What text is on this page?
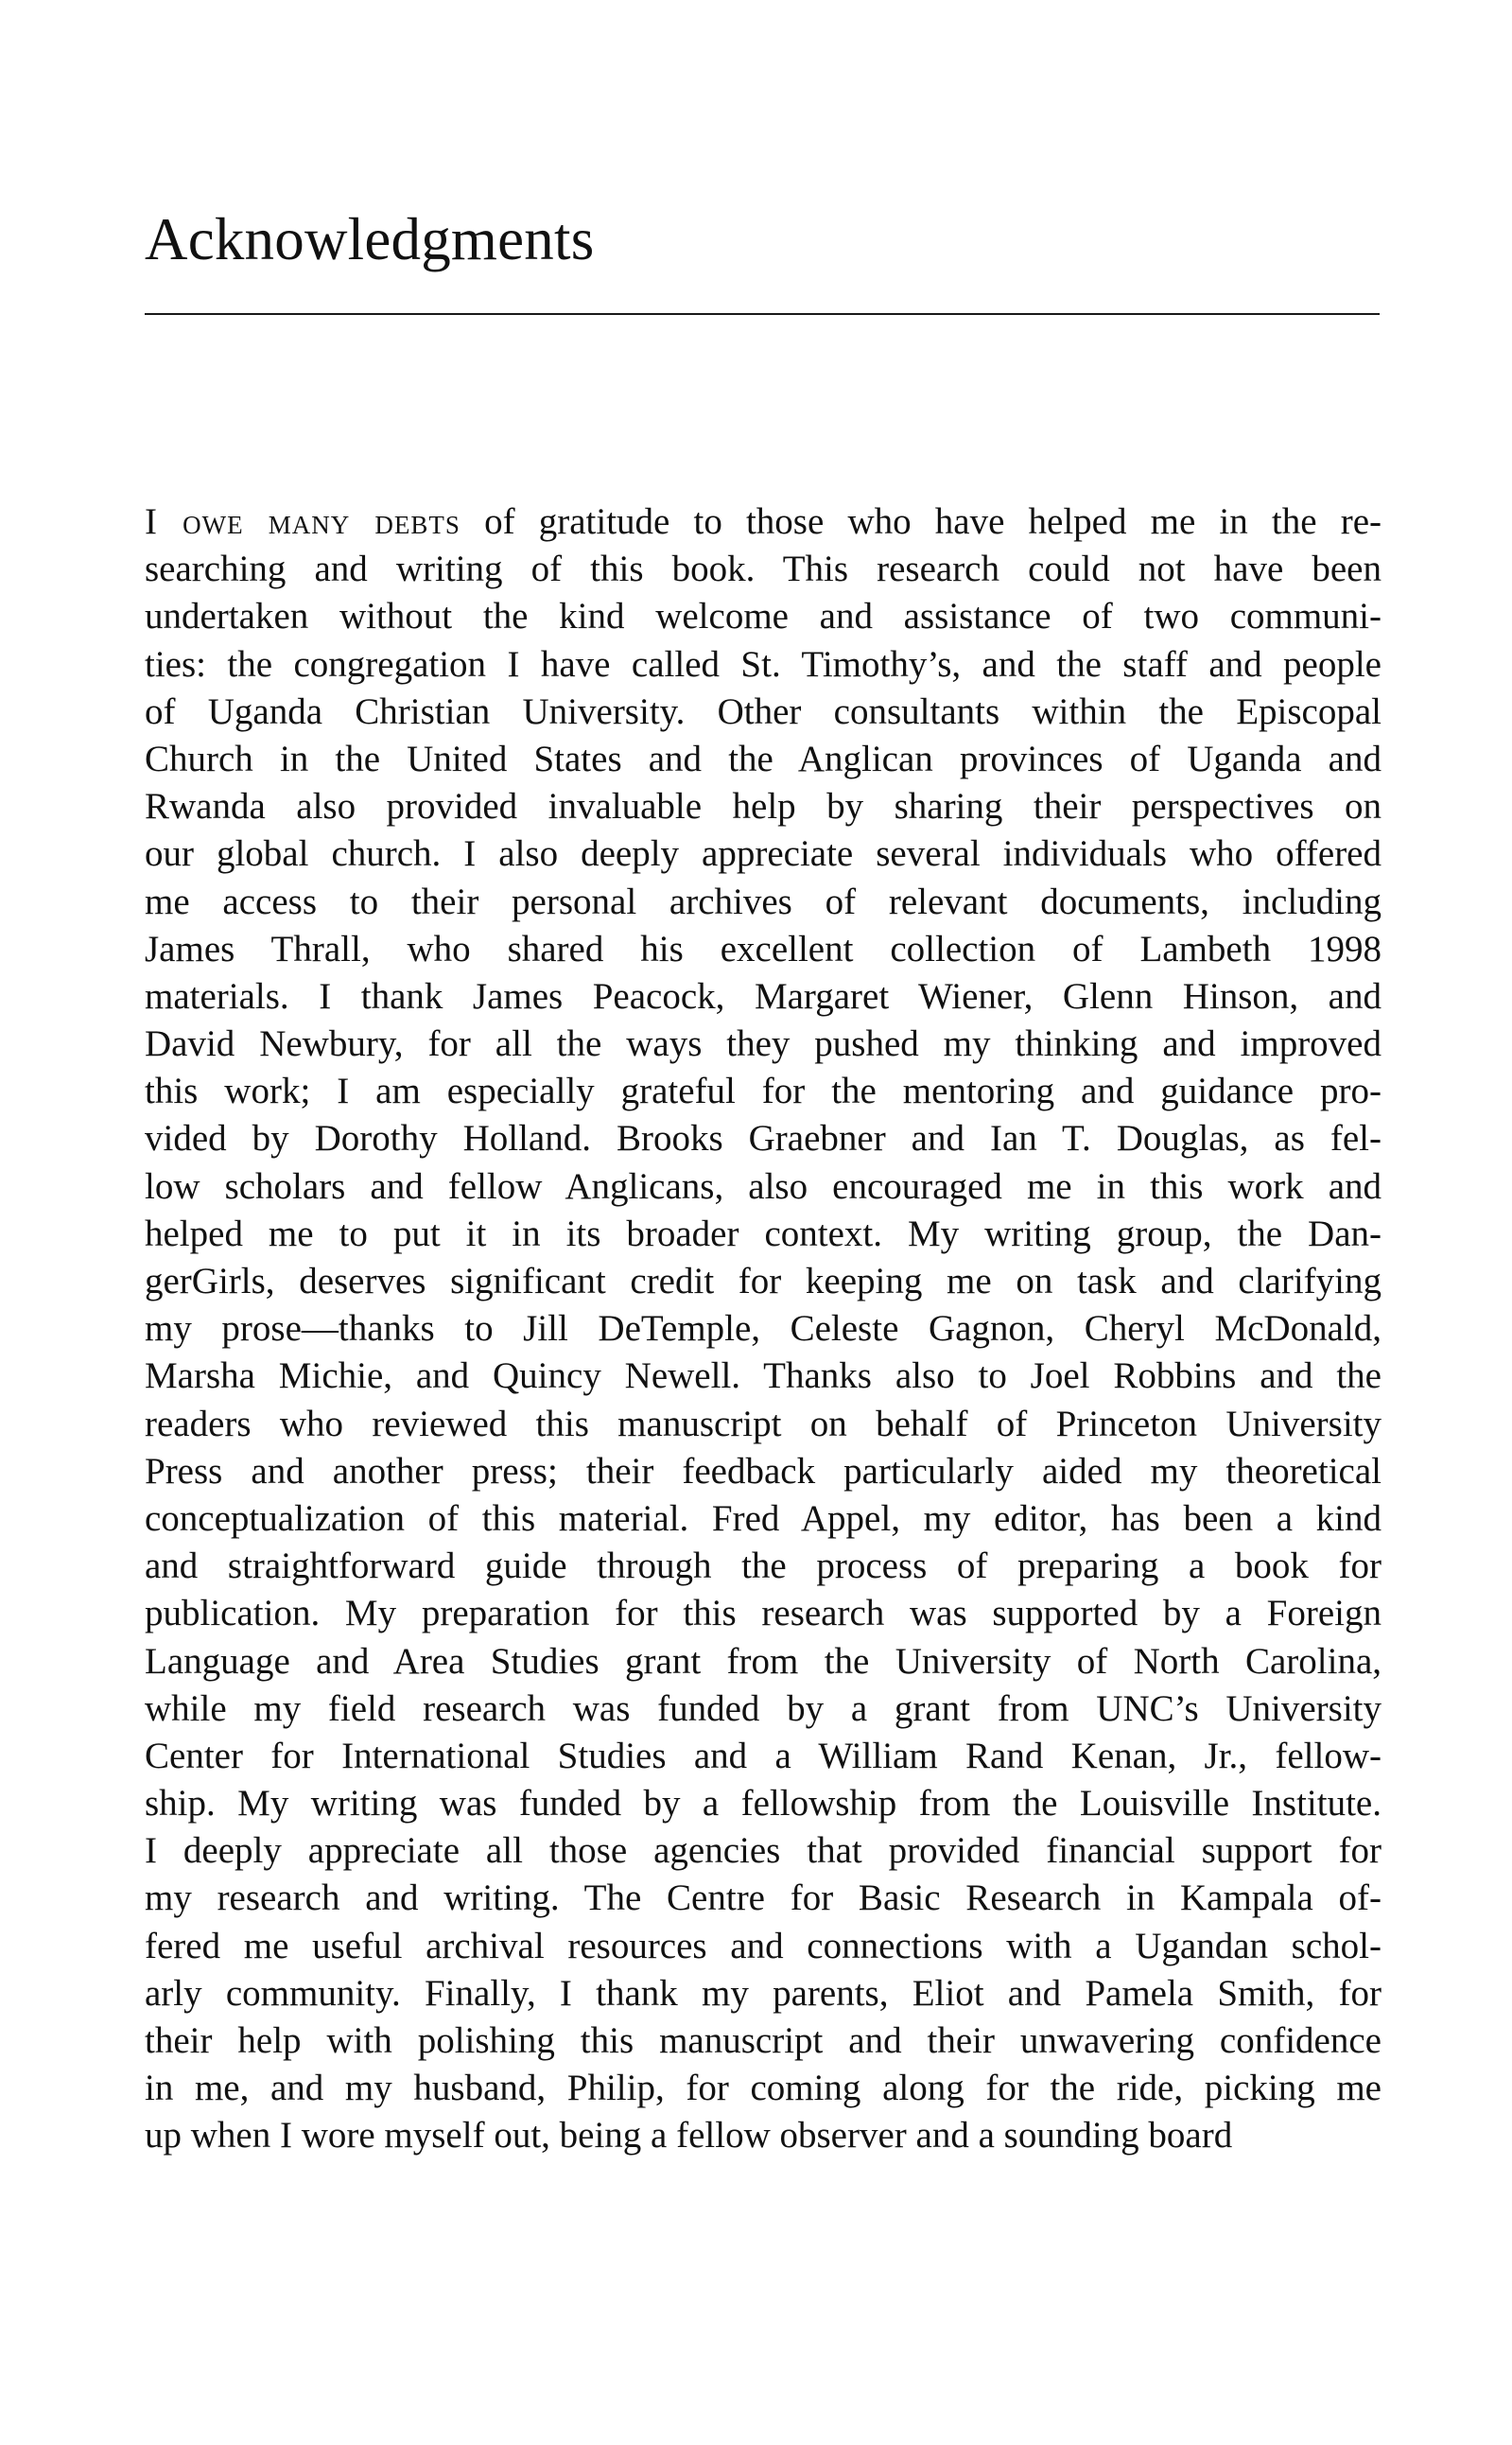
Acknowledgments
I owe many debts of gratitude to those who have helped me in the re-
searching and writing of this book. This research could not have been
undertaken without the kind welcome and assistance of two communi-
ties: the congregation I have called St. Timothy’s, and the staff and people
of Uganda Christian University. Other consultants within the Episcopal
Church in the United States and the Anglican provinces of Uganda and
Rwanda also provided invaluable help by sharing their perspectives on
our global church. I also deeply appreciate several individuals who offered
me access to their personal archives of relevant documents, including
James Thrall, who shared his excellent collection of Lambeth 1998
materials. I thank James Peacock, Margaret Wiener, Glenn Hinson, and
David Newbury, for all the ways they pushed my thinking and improved
this work; I am especially grateful for the mentoring and guidance pro-
vided by Dorothy Holland. Brooks Graebner and Ian T. Douglas, as fel-
low scholars and fellow Anglicans, also encouraged me in this work and
helped me to put it in its broader context. My writing group, the Dan-
gerGirls, deserves significant credit for keeping me on task and clarifying
my prose—thanks to Jill DeTemple, Celeste Gagnon, Cheryl McDonald,
Marsha Michie, and Quincy Newell. Thanks also to Joel Robbins and the
readers who reviewed this manuscript on behalf of Princeton University
Press and another press; their feedback particularly aided my theoretical
conceptualization of this material. Fred Appel, my editor, has been a kind
and straightforward guide through the process of preparing a book for
publication. My preparation for this research was supported by a Foreign
Language and Area Studies grant from the University of North Carolina,
while my field research was funded by a grant from UNC’s University
Center for International Studies and a William Rand Kenan, Jr., fellow-
ship. My writing was funded by a fellowship from the Louisville Institute.
I deeply appreciate all those agencies that provided financial support for
my research and writing. The Centre for Basic Research in Kampala of-
fered me useful archival resources and connections with a Ugandan schol-
arly community. Finally, I thank my parents, Eliot and Pamela Smith, for
their help with polishing this manuscript and their unwavering confidence
in me, and my husband, Philip, for coming along for the ride, picking me
up when I wore myself out, being a fellow observer and a sounding board
